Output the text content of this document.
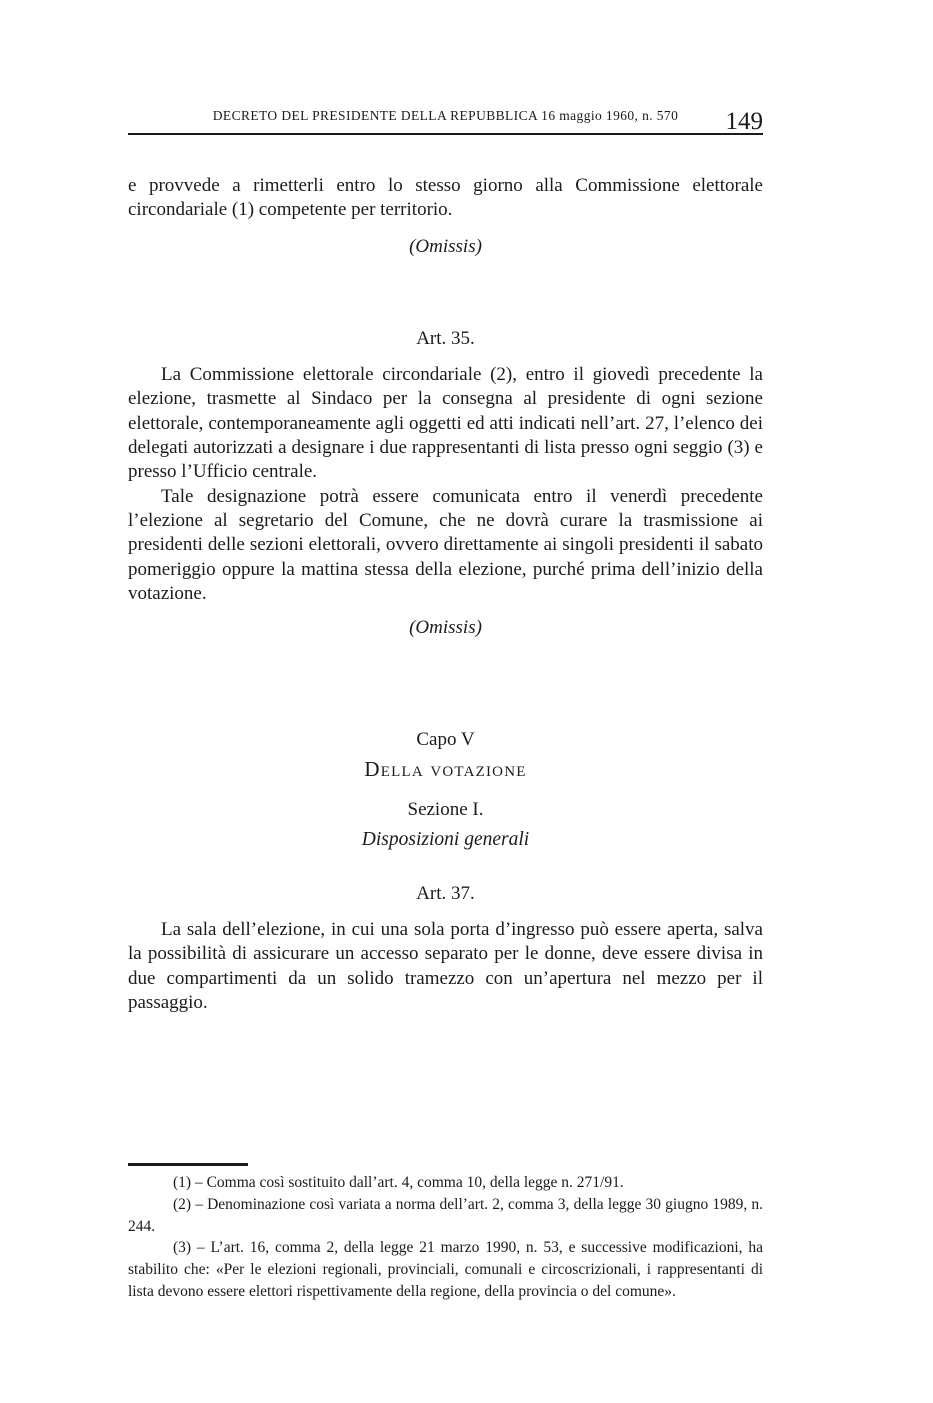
DECRETO DEL PRESIDENTE DELLA REPUBBLICA 16 maggio 1960, n. 570	149

e provvede a rimetterli entro lo stesso giorno alla Commissione elettorale circondariale (1) competente per territorio.

(Omissis)

Art. 35.

La Commissione elettorale circondariale (2), entro il giovedì precedente la elezione, trasmette al Sindaco per la consegna al presidente di ogni sezione elettorale, contemporaneamente agli oggetti ed atti indicati nell’art. 27, l’elenco dei delegati autorizzati a designare i due rappresentanti di lista presso ogni seggio (3) e presso l’Ufficio centrale.

Tale designazione potrà essere comunicata entro il venerdì precedente l’elezione al segretario del Comune, che ne dovrà curare la trasmissione ai presidenti delle sezioni elettorali, ovvero direttamente ai singoli presidenti il sabato pomeriggio oppure la mattina stessa della elezione, purché prima dell’inizio della votazione.

(Omissis)

Capo V
Della votazione
Sezione I.
Disposizioni generali
Art. 37.

La sala dell’elezione, in cui una sola porta d’ingresso può essere aperta, salva la possibilità di assicurare un accesso separato per le donne, deve essere divisa in due compartimenti da un solido tramezzo con un’apertura nel mezzo per il passaggio.

(1) – Comma così sostituito dall’art. 4, comma 10, della legge n. 271/91.

(2) – Denominazione così variata a norma dell’art. 2, comma 3, della legge 30 giugno 1989, n. 244.

(3) – L’art. 16, comma 2, della legge 21 marzo 1990, n. 53, e successive modificazioni, ha stabilito che: «Per le elezioni regionali, provinciali, comunali e circoscrizionali, i rappresentanti di lista devono essere elettori rispettivamente della regione, della provincia o del comune».
